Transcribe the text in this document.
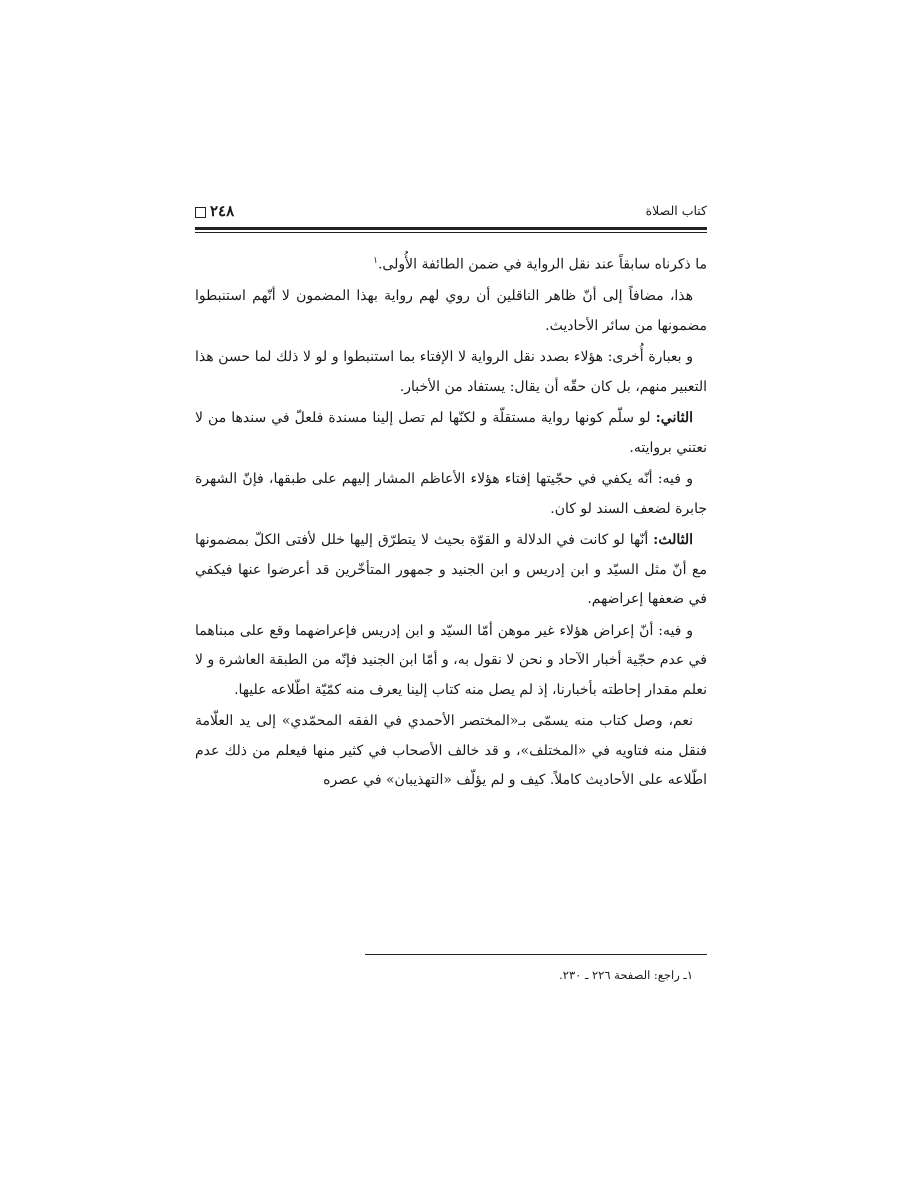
٢٤٨	كتاب الصلاة

ما ذكرناه سابقاً عند نقل الرواية في ضمن الطائفة الأُولى.$^١$

هذا، مضافاً إلى أنّ ظاهر الناقلين أن روي لهم رواية بهذا المضمون لا أنّهم استنبطوا مضمونها من سائر الأحاديث.

و بعبارة أُخرى: هؤلاء بصدد نقل الرواية لا الإفتاء بما استنبطوا و لو لا ذلك لما حسن هذا التعبير منهم، بل كان حقّه أن يقال: يستفاد من الأخبار.

الثاني: لو سلّم كونها رواية مستقلّة و لكنّها لم تصل إلينا مسندة فلعلّ في سندها من لا نعتني بروايته.

و فيه: أنّه يكفي في حجّيتها إفتاء هؤلاء الأعاظم المشار إليهم على طبقها، فإنّ الشهرة جابرة لضعف السند لو كان.

الثالث: أنّها لو كانت في الدلالة و القوّة بحيث لا يتطرّق إليها خلل لأفتى الكلّ بمضمونها مع أنّ مثل السيّد و ابن إدريس و ابن الجنيد و جمهور المتأخّرين قد أعرضوا عنها فيكفي في ضعفها إعراضهم.

و فيه: أنّ إعراض هؤلاء غير موهن أمّا السيّد و ابن إدريس فإعراضهما وقع على مبناهما في عدم حجّية أخبار الآحاد و نحن لا نقول به، و أمّا ابن الجنيد فإنّه من الطبقة العاشرة و لا نعلم مقدار إحاطته بأخبارنا، إذ لم يصل منه كتاب إلينا يعرف منه كمّيّة اطّلاعه عليها.

نعم، وصل كتاب منه يسمّى بـ«المختصر الأحمدي في الفقه المحمّدي» إلى يد العلّامة فنقل منه فتاويه في «المختلف»، و قد خالف الأصحاب في كثير منها فيعلم من ذلك عدم اطّلاعه على الأحاديث كاملاً. كيف و لم يؤلّف «التهذيبان» في عصره

١ـ راجع: الصفحة ٢٢٦ ـ ٢٣٠.
